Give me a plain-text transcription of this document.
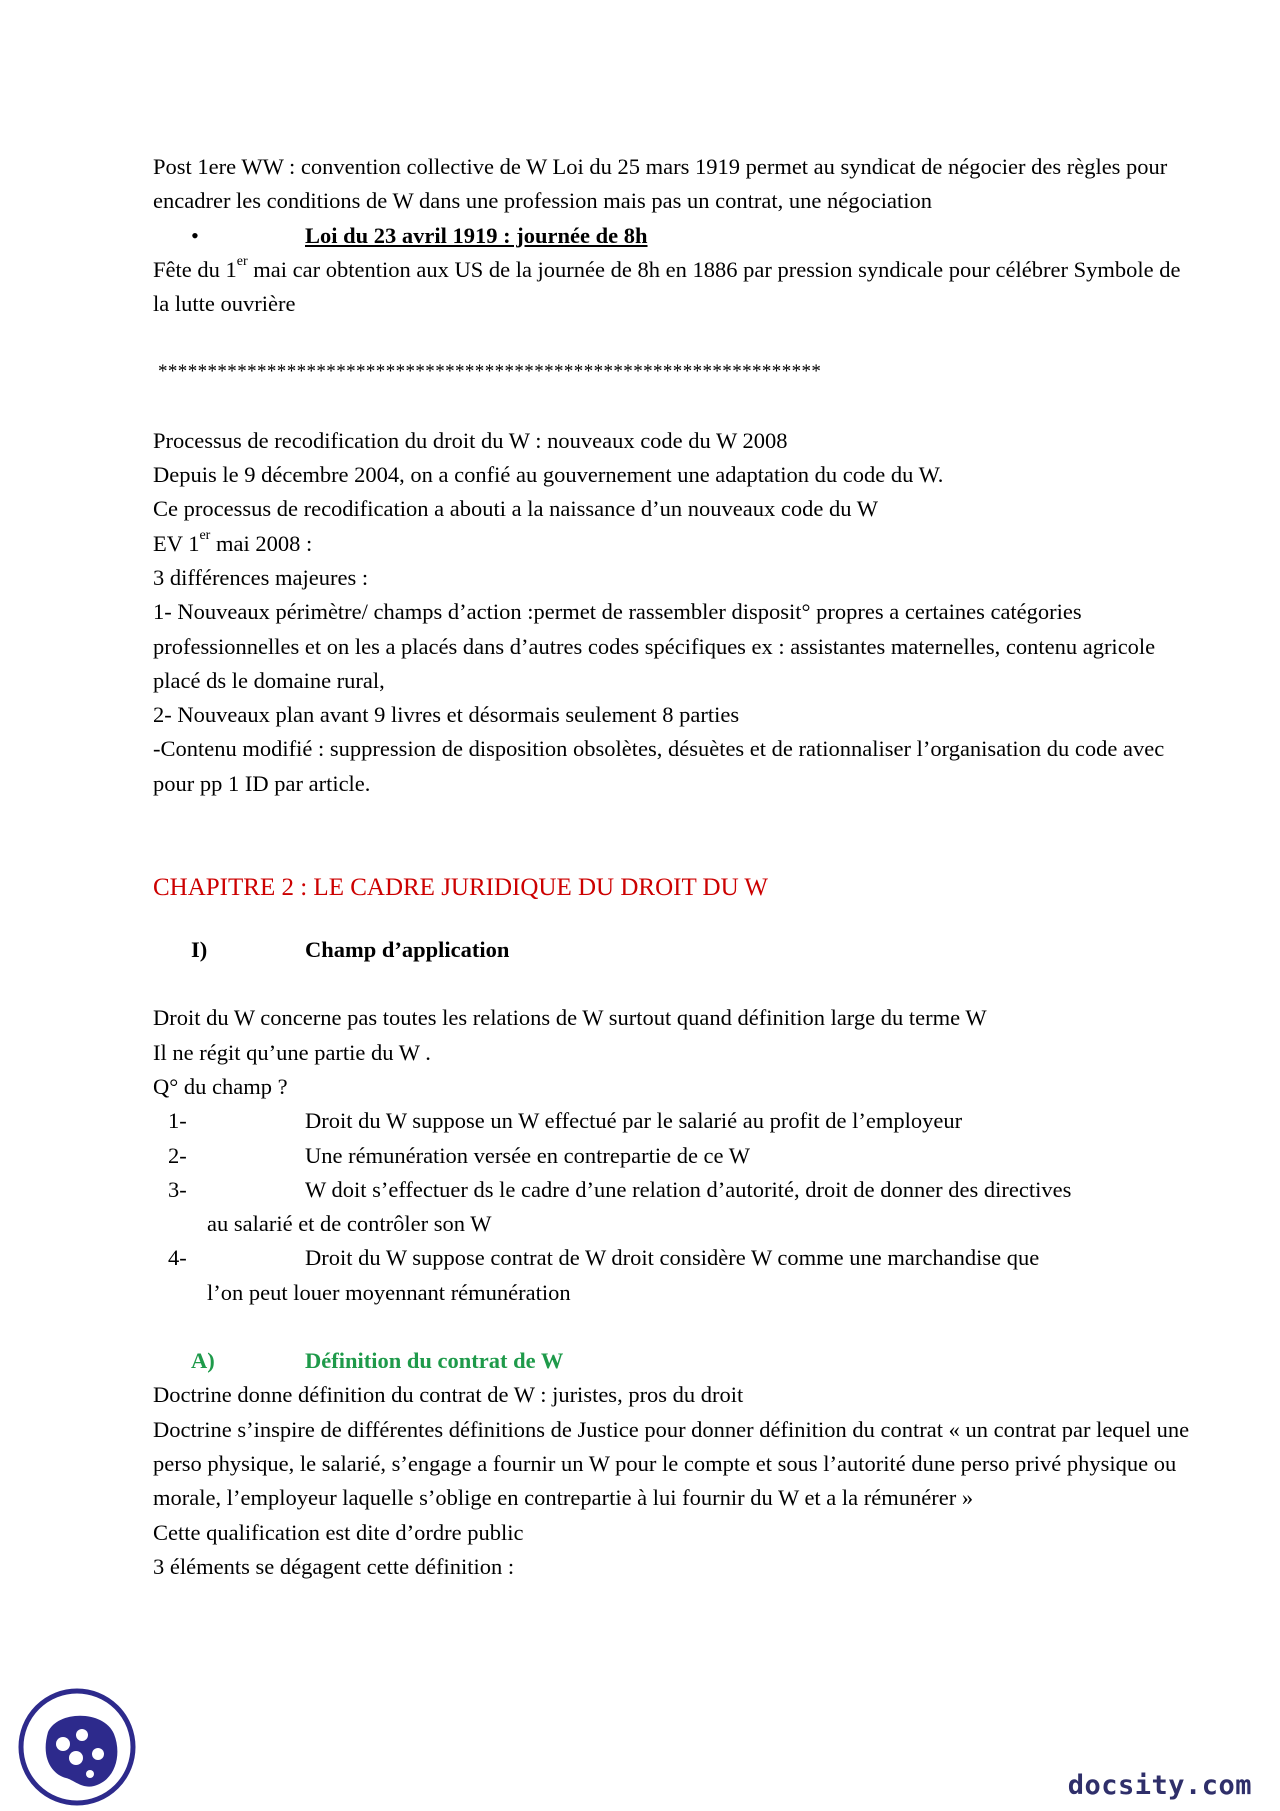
Post 1ere WW : convention collective de W Loi du 25 mars 1919 permet au syndicat de négocier des règles pour encadrer les conditions de W dans une profession mais pas un contrat, une négociation

•	Loi du 23 avril 1919 : journée de 8h

Fête du 1er mai car obtention aux US de la journée de 8h en 1886 par pression syndicale pour célébrer Symbole de la lutte ouvrière

*******************************************************************

Processus de recodification du droit du W : nouveaux code du W 2008

Depuis le 9 décembre 2004, on a confié au gouvernement une adaptation du code du W.

Ce processus de recodification a abouti a la naissance d’un nouveaux code du W

EV 1er mai 2008 :

3 différences majeures :

1- Nouveaux périmètre/ champs d’action :permet de rassembler disposit° propres a certaines catégories professionnelles et on les a placés dans d’autres codes spécifiques ex : assistantes maternelles, contenu agricole placé ds le domaine rural,

2- Nouveaux plan avant 9 livres et désormais seulement 8 parties

-Contenu modifié : suppression de disposition obsolètes, désuètes et de rationnaliser l’organisation du code avec pour pp 1 ID par article.

CHAPITRE 2 : LE CADRE JURIDIQUE DU DROIT DU W

I)	Champ d’application

Droit du W concerne pas toutes les relations de W surtout quand définition large du terme W

Il ne régit qu’une partie du W .

Q° du champ ?

1-	Droit du W suppose un W effectué par le salarié au profit de l’employeur
2-	Une rémunération versée en contrepartie de ce W
3-	W doit s’effectuer ds le cadre d’une relation d’autorité, droit de donner des directives
au salarié et de contrôler son W
4-	Droit du W suppose contrat de W droit considère W comme une marchandise que
l’on peut louer moyennant rémunération
A)	Définition du contrat de W

Doctrine donne définition du contrat de W : juristes, pros du droit

Doctrine s’inspire de différentes définitions de Justice pour donner définition du contrat « un contrat par lequel une perso physique, le salarié, s’engage a fournir un W pour le compte et sous l’autorité dune perso privé physique ou morale, l’employeur laquelle s’oblige en contrepartie à lui fournir du W et a la rémunérer »

Cette qualification est dite d’ordre public

3 éléments se dégagent cette définition :

docsity.com
